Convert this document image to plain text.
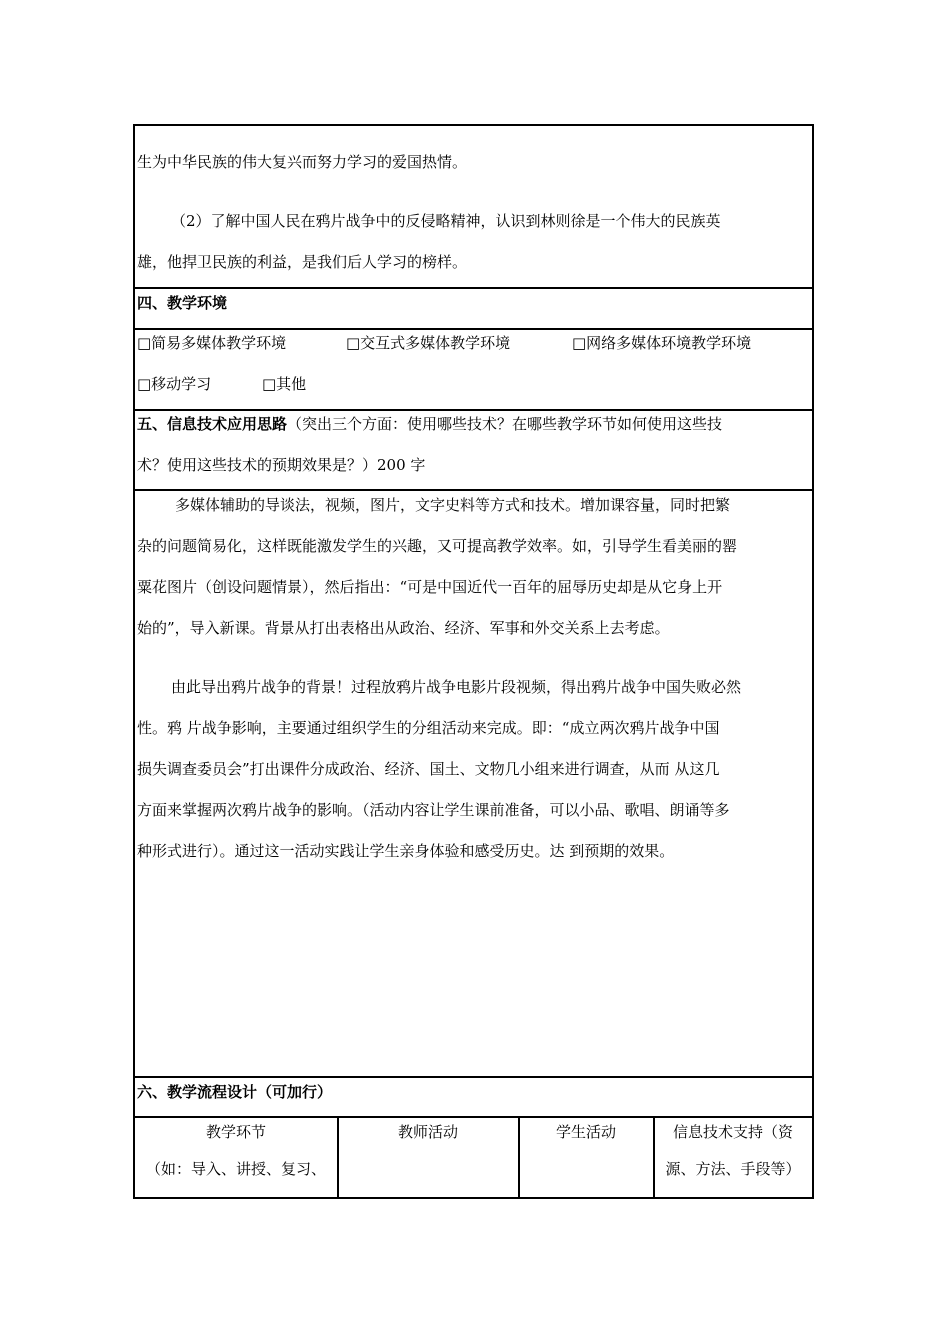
生为中华民族的伟大复兴而努力学习的爱国热情。
（2）了解中国人民在鸦片战争中的反侵略精神，认识到林则徐是一个伟大的民族英
雄，他捍卫民族的利益，是我们后人学习的榜样。
四、教学环境
□简易多媒体教学环境	□交互式多媒体教学环境	□网络多媒体环境教学环境
□移动学习	□其他
五、信息技术应用思路（突出三个方面：使用哪些技术？在哪些教学环节如何使用这些技
术？使用这些技术的预期效果是？）200 字
多媒体辅助的导谈法，视频，图片，文字史料等方式和技术。增加课容量，同时把繁
杂的问题简易化，这样既能激发学生的兴趣，又可提高教学效率。如，引导学生看美丽的罂
粟花图片（创设问题情景），然后指出：“可是中国近代一百年的屈辱历史却是从它身上开
始的”，导入新课。背景从打出表格出从政治、经济、军事和外交关系上去考虑。
由此导出鸦片战争的背景！过程放鸦片战争电影片段视频，得出鸦片战争中国失败必然
性。鸦 片战争影响，主要通过组织学生的分组活动来完成。即：“成立两次鸦片战争中国
损失调查委员会”打出课件分成政治、经济、国土、文物几小组来进行调查，从而 从这几
方面来掌握两次鸦片战争的影响。（活动内容让学生课前准备，可以小品、歌唱、朗诵等多
种形式进行）。通过这一活动实践让学生亲身体验和感受历史。达 到预期的效果。
六、教学流程设计（可加行）
教学环节
（如：导入、讲授、复习、
教师活动	学生活动	信息技术支持（资
源、方法、手段等）
